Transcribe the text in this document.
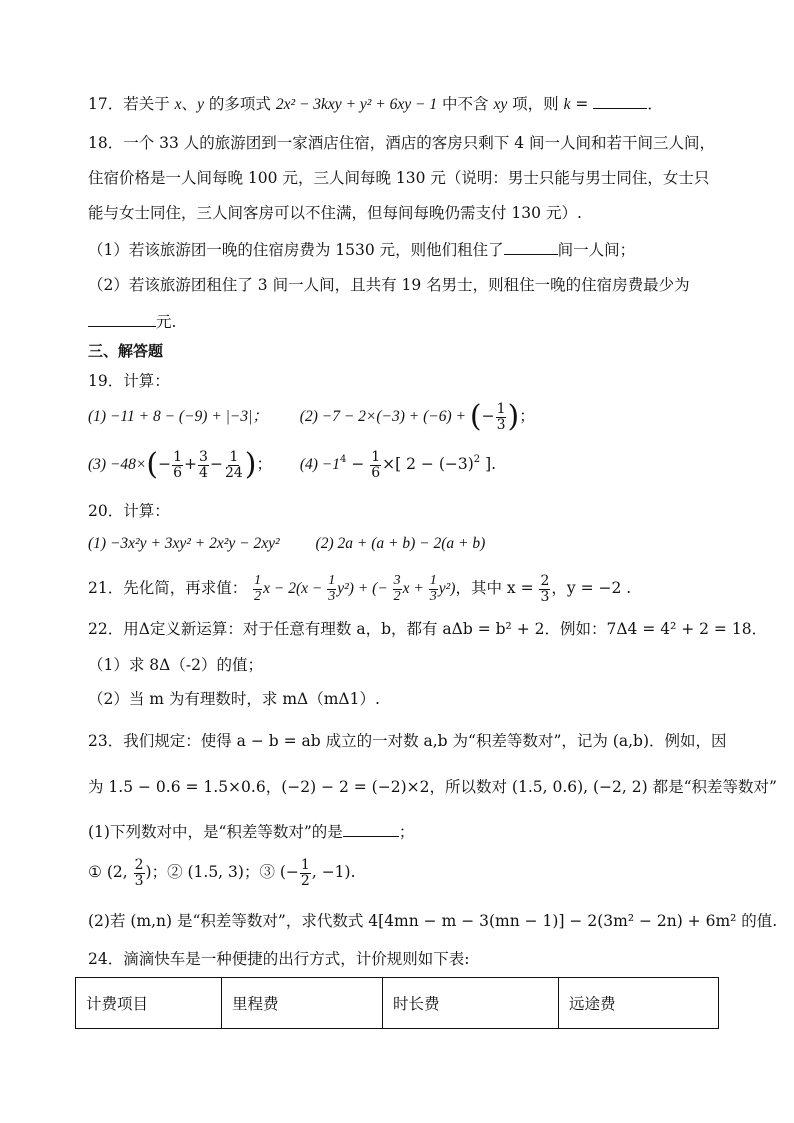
17．若关于 x、y 的多项式 2x² − 3kxy + y² + 6xy − 1 中不含 xy 项，则 k =	．
18．一个 33 人的旅游团到一家酒店住宿，酒店的客房只剩下 4 间一人间和若干间三人间，
住宿价格是一人间每晚 100 元，三人间每晚 130 元（说明：男士只能与男士同住，女士只
能与女士同住，三人间客房可以不住满，但每间每晚仍需支付 130 元）.
（1）若该旅游团一晚的住宿房费为 1530 元，则他们租住了	间一人间；
（2）若该旅游团租住了 3 间一人间，且共有 19 名男士，则租住一晚的住宿房费最少为
元.
三、解答题
19．计算：
(1) −11 + 8 − (−9) + |−3|； (2) −7 − 2×(−3) + (−6) + (− $\frac{1}{3}$ )；
$(3) -48\times(- \frac{1}{6} + \frac{3}{4} - \frac{1}{24}$ )；  $(4) -1^4 - \frac{1}{6}$ ×[ $2 - (-3)^2$ ].
20．计算：
(1) −3x²y + 3xy² + 2x²y − 2xy² (2) 2a + (a + b) − 2(a + b)
21．先化简，再求值： $\frac{1}{2}$ $x - 2(x - \frac{1}{3} y^2)$ + (− $\frac{3}{2}$ $x + \frac{1}{3} y^2$)，其中 $x = \frac{2}{3}$ ，y = −2 .
22．用Δ定义新运算：对于任意有理数 a，b，都有 aΔb = b² + 2．例如：7Δ4 = 4² + 2 = 18．
（1）求 8Δ（-2）的值；
（2）当 m 为有理数时，求 mΔ（mΔ1）.
23．我们规定：使得 a − b = ab 成立的一对数 a,b 为“积差等数对”，记为 (a,b)．例如，因
为 1.5 − 0.6 = 1.5×0.6，(−2) − 2 = (−2)×2，所以数对 (1.5, 0.6), (−2, 2) 都是“积差等数对”
(1)下列数对中，是“积差等数对”的是	；
① (2, $\frac{2}{3}$ )；② (1.5, 3)；③ (− $\frac{1}{2}$ , −1).
(2)若 (m,n) 是“积差等数对”，求代数式 4[4mn − m − 3(mn − 1)] − 2(3m² − 2n) + 6m² 的值.
24．滴滴快车是一种便捷的出行方式，计价规则如下表:
计费项目	里程费	时长费	远途费
